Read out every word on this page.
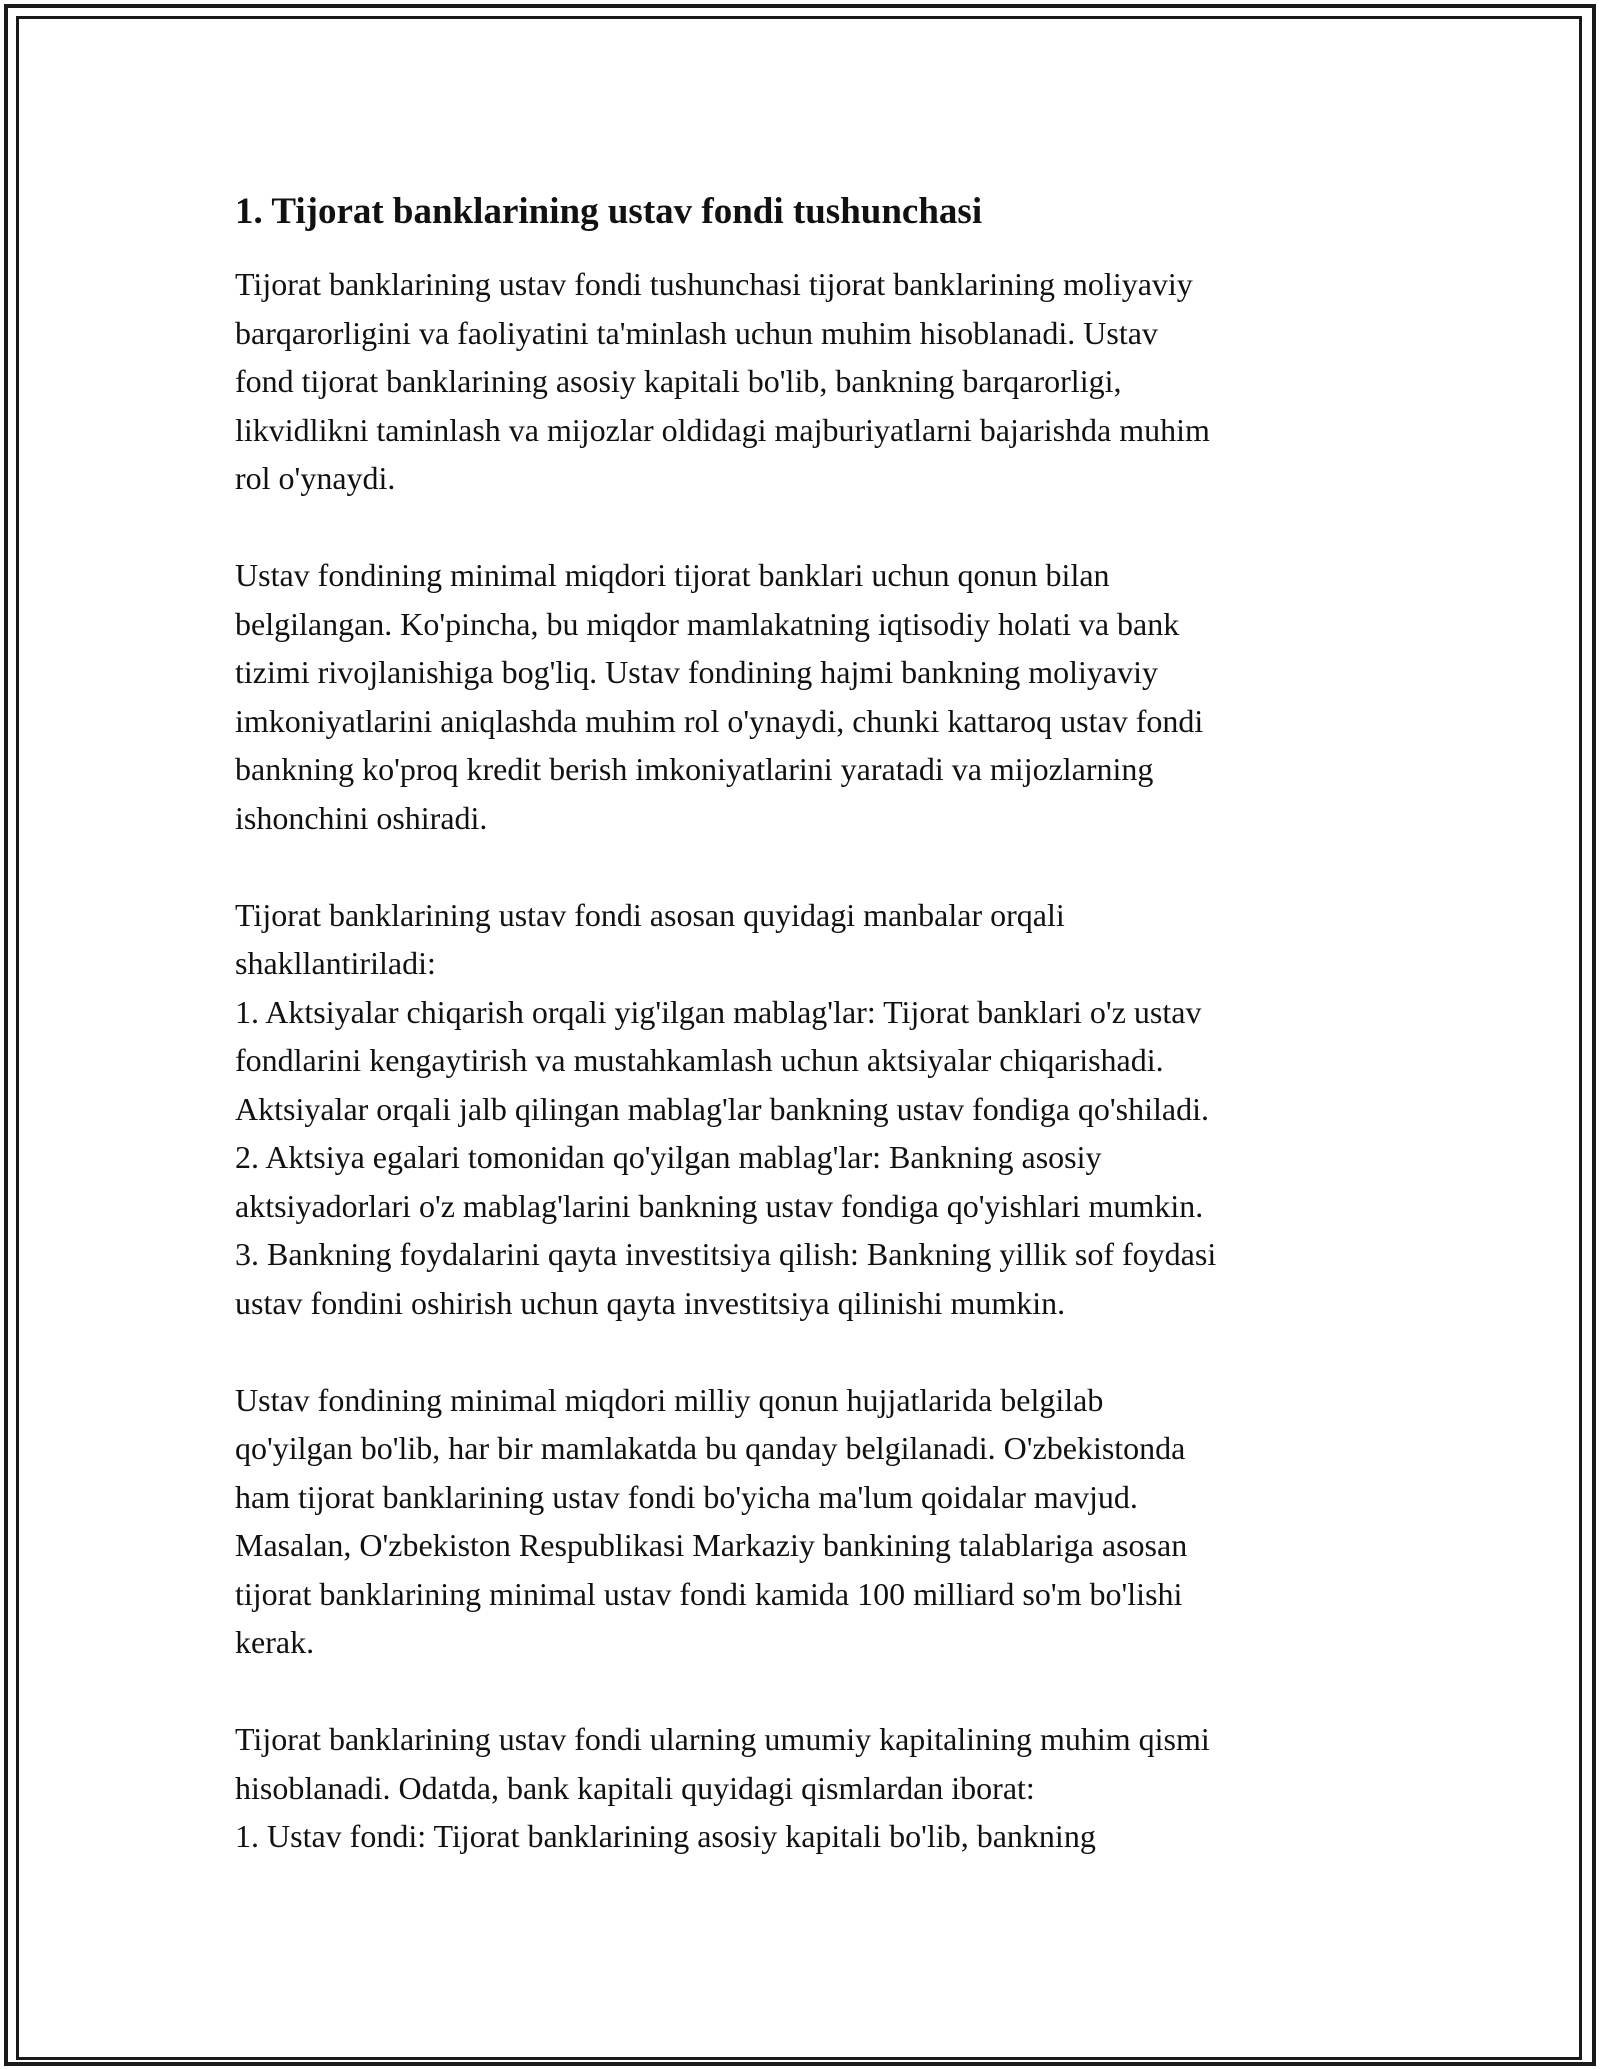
1. Tijorat banklarining ustav fondi tushunchasi
Tijorat banklarining ustav fondi tushunchasi tijorat banklarining moliyaviy
barqarorligini va faoliyatini ta'minlash uchun muhim hisoblanadi. Ustav
fond tijorat banklarining asosiy kapitali bo'lib, bankning barqarorligi,
likvidlikni taminlash va mijozlar oldidagi majburiyatlarni bajarishda muhim
rol o'ynaydi.
Ustav fondining minimal miqdori tijorat banklari uchun qonun bilan
belgilangan. Ko'pincha, bu miqdor mamlakatning iqtisodiy holati va bank
tizimi rivojlanishiga bog'liq. Ustav fondining hajmi bankning moliyaviy
imkoniyatlarini aniqlashda muhim rol o'ynaydi, chunki kattaroq ustav fondi
bankning ko'proq kredit berish imkoniyatlarini yaratadi va mijozlarning
ishonchini oshiradi.
Tijorat banklarining ustav fondi asosan quyidagi manbalar orqali
shakllantiriladi:
1. Aktsiyalar chiqarish orqali yig'ilgan mablag'lar: Tijorat banklari o'z ustav
fondlarini kengaytirish va mustahkamlash uchun aktsiyalar chiqarishadi.
Aktsiyalar orqali jalb qilingan mablag'lar bankning ustav fondiga qo'shiladi.
2. Aktsiya egalari tomonidan qo'yilgan mablag'lar: Bankning asosiy
aktsiyadorlari o'z mablag'larini bankning ustav fondiga qo'yishlari mumkin.
3. Bankning foydalarini qayta investitsiya qilish: Bankning yillik sof foydasi
ustav fondini oshirish uchun qayta investitsiya qilinishi mumkin.
Ustav fondining minimal miqdori milliy qonun hujjatlarida belgilab
qo'yilgan bo'lib, har bir mamlakatda bu qanday belgilanadi. O'zbekistonda
ham tijorat banklarining ustav fondi bo'yicha ma'lum qoidalar mavjud.
Masalan, O'zbekiston Respublikasi Markaziy bankining talablariga asosan
tijorat banklarining minimal ustav fondi kamida 100 milliard so'm bo'lishi
kerak.
Tijorat banklarining ustav fondi ularning umumiy kapitalining muhim qismi
hisoblanadi. Odatda, bank kapitali quyidagi qismlardan iborat:
1. Ustav fondi: Tijorat banklarining asosiy kapitali bo'lib, bankning
